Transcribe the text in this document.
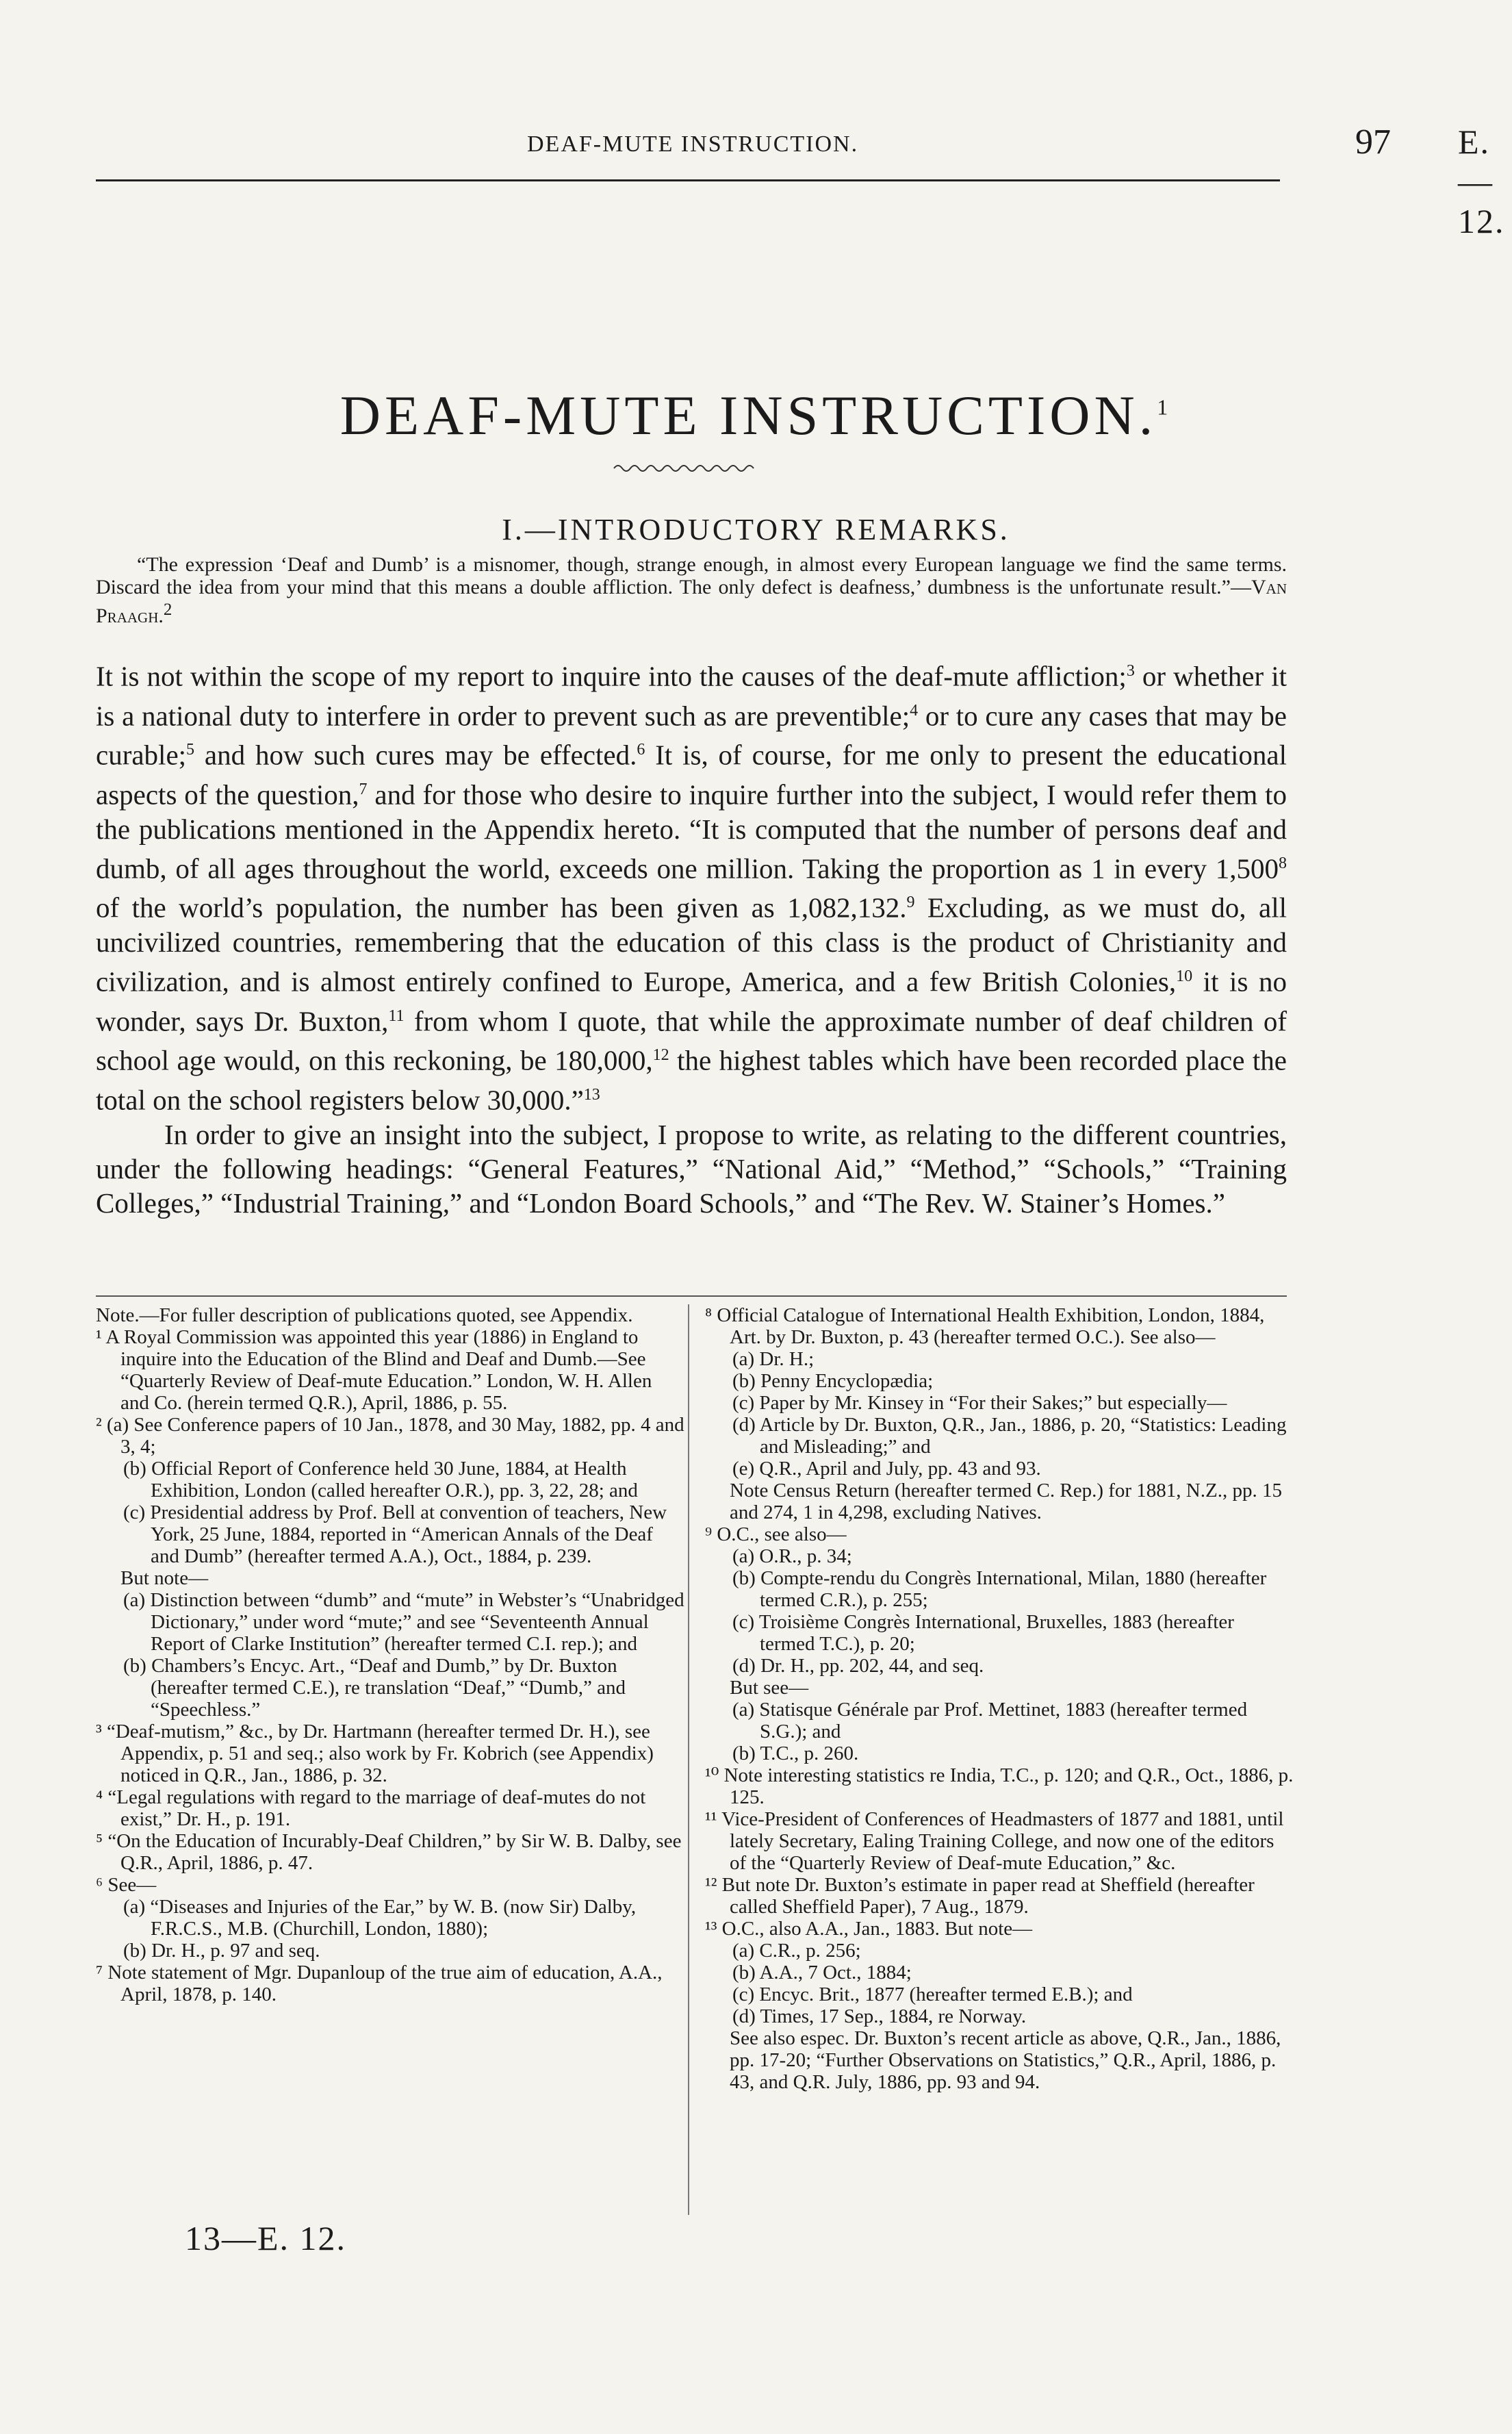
DEAF-MUTE INSTRUCTION.	97 E.—12.
DEAF-MUTE INSTRUCTION.$^1$
I.—INTRODUCTORY REMARKS.
“The expression ‘Deaf and Dumb’ is a misnomer, though, strange enough, in almost every European language we find the same terms. Discard the idea from your mind that this means a double affliction. The only defect is deafness,’ dumbness is the unfortunate result.”—Van Praagh.$^2$

It is not within the scope of my report to inquire into the causes of the deaf-mute affliction;$^3$ or whether it is a national duty to interfere in order to prevent such as are preventible;$^4$ or to cure any cases that may be curable;$^5$ and how such cures may be effected.$^6$ It is, of course, for me only to present the educational aspects of the question,$^7$ and for those who desire to inquire further into the subject, I would refer them to the publications mentioned in the Appendix hereto. “It is computed that the number of persons deaf and dumb, of all ages throughout the world, exceeds one million. Taking the proportion as 1 in every 1,500$^8$ of the world’s population, the number has been given as 1,082,132.$^9$ Excluding, as we must do, all uncivilized countries, remembering that the education of this class is the product of Christianity and civilization, and is almost entirely confined to Europe, America, and a few British Colonies,$^{10}$ it is no wonder, says Dr. Buxton,$^{11}$ from whom I quote, that while the approximate number of deaf children of school age would, on this reckoning, be 180,000,12 the highest tables which have been recorded place the total on the school registers below 30,000.”$^{13}$

In order to give an insight into the subject, I propose to write, as relating to the different countries, under the following headings: “General Features,” “National Aid,” “Method,” “Schools,” “Training Colleges,” “Industrial Training,” and “London Board Schools,” and “The Rev. W. Stainer’s Homes.”

Note.—For fuller description of publications quoted, see Appendix.

¹ A Royal Commission was appointed this year (1886) in England to inquire into the Education of the Blind and Deaf and Dumb.—See “Quarterly Review of Deaf-mute Education.” London, W. H. Allen and Co. (herein termed Q.R.), April, 1886, p. 55.

² (a) See Conference papers of 10 Jan., 1878, and 30 May, 1882, pp. 4 and 3, 4;

(b) Official Report of Conference held 30 June, 1884, at Health Exhibition, London (called hereafter O.R.), pp. 3, 22, 28; and

(c) Presidential address by Prof. Bell at convention of teachers, New York, 25 June, 1884, reported in “American Annals of the Deaf and Dumb” (hereafter termed A.A.), Oct., 1884, p. 239.

But note—

(a) Distinction between “dumb” and “mute” in Webster’s “Unabridged Dictionary,” under word “mute;” and see “Seventeenth Annual Report of Clarke Institution” (hereafter termed C.I. rep.); and

(b) Chambers’s Encyc. Art., “Deaf and Dumb,” by Dr. Buxton (hereafter termed C.E.), re translation “Deaf,” “Dumb,” and “Speechless.”

³ “Deaf-mutism,” &c., by Dr. Hartmann (hereafter termed Dr. H.), see Appendix, p. 51 and seq.; also work by Fr. Kobrich (see Appendix) noticed in Q.R., Jan., 1886, p. 32.

⁴ “Legal regulations with regard to the marriage of deaf-mutes do not exist,” Dr. H., p. 191.

⁵ “On the Education of Incurably-Deaf Children,” by Sir W. B. Dalby, see Q.R., April, 1886, p. 47.

⁶ See—

(a) “Diseases and Injuries of the Ear,” by W. B. (now Sir) Dalby, F.R.C.S., M.B. (Churchill, London, 1880);

(b) Dr. H., p. 97 and seq.

⁷ Note statement of Mgr. Dupanloup of the true aim of education, A.A., April, 1878, p. 140.

⁸ Official Catalogue of International Health Exhibition, London, 1884, Art. by Dr. Buxton, p. 43 (hereafter termed O.C.). See also—

(a) Dr. H.;

(b) Penny Encyclopædia;

(c) Paper by Mr. Kinsey in “For their Sakes;” but especially—

(d) Article by Dr. Buxton, Q.R., Jan., 1886, p. 20, “Statistics: Leading and Misleading;” and

(e) Q.R., April and July, pp. 43 and 93.

Note Census Return (hereafter termed C. Rep.) for 1881, N.Z., pp. 15 and 274, 1 in 4,298, excluding Natives.

⁹ O.C., see also—

(a) O.R., p. 34;

(b) Compte-rendu du Congrès International, Milan, 1880 (hereafter termed C.R.), p. 255;

(c) Troisième Congrès International, Bruxelles, 1883 (hereafter termed T.C.), p. 20;

(d) Dr. H., pp. 202, 44, and seq.

But see—

(a) Statisque Générale par Prof. Mettinet, 1883 (hereafter termed S.G.); and

(b) T.C., p. 260.

¹⁰ Note interesting statistics re India, T.C., p. 120; and Q.R., Oct., 1886, p. 125.

¹¹ Vice-President of Conferences of Headmasters of 1877 and 1881, until lately Secretary, Ealing Training College, and now one of the editors of the “Quarterly Review of Deaf-mute Education,” &c.

¹² But note Dr. Buxton’s estimate in paper read at Sheffield (hereafter called Sheffield Paper), 7 Aug., 1879.

¹³ O.C., also A.A., Jan., 1883. But note—

(a) C.R., p. 256;

(b) A.A., 7 Oct., 1884;

(c) Encyc. Brit., 1877 (hereafter termed E.B.); and

(d) Times, 17 Sep., 1884, re Norway.

See also espec. Dr. Buxton’s recent article as above, Q.R., Jan., 1886, pp. 17-20; “Further Observations on Statistics,” Q.R., April, 1886, p. 43, and Q.R. July, 1886, pp. 93 and 94.

13—E. 12.
